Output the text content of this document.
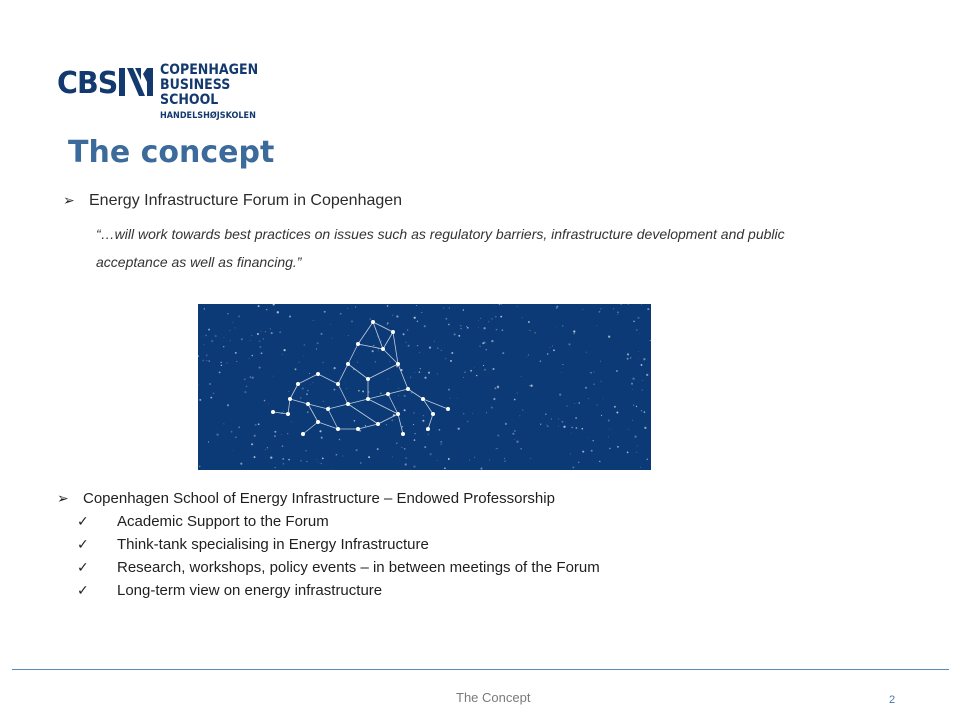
CBS	COPENHAGEN
BUSINESS SCHOOL
HANDELSHØJSKOLEN
The concept
➢ Energy Infrastructure Forum in Copenhagen
“…will work towards best practices on issues such as regulatory barriers, infrastructure development and public acceptance as well as financing.”
➢ Copenhagen School of Energy Infrastructure – Endowed Professorship
✓ Academic Support to the Forum
✓ Think-tank specialising in Energy Infrastructure
✓ Research, workshops, policy events – in between meetings of the Forum
✓ Long-term view on energy infrastructure
The Concept	2
